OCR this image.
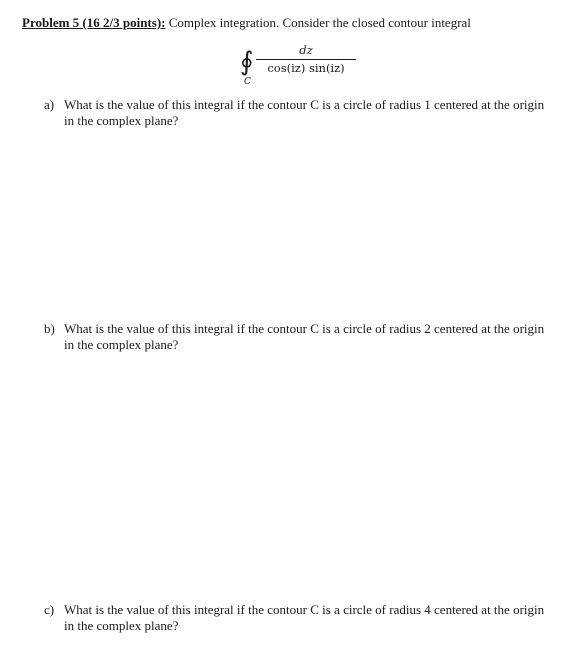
Problem 5 (16 2/3 points): Complex integration. Consider the closed contour integral
∮
C
dz
cos(iz) sin(iz)
a) What is the value of this integral if the contour C is a circle of radius 1 centered at the origin in the complex plane?
b) What is the value of this integral if the contour C is a circle of radius 2 centered at the origin in the complex plane?
c) What is the value of this integral if the contour C is a circle of radius 4 centered at the origin in the complex plane?
